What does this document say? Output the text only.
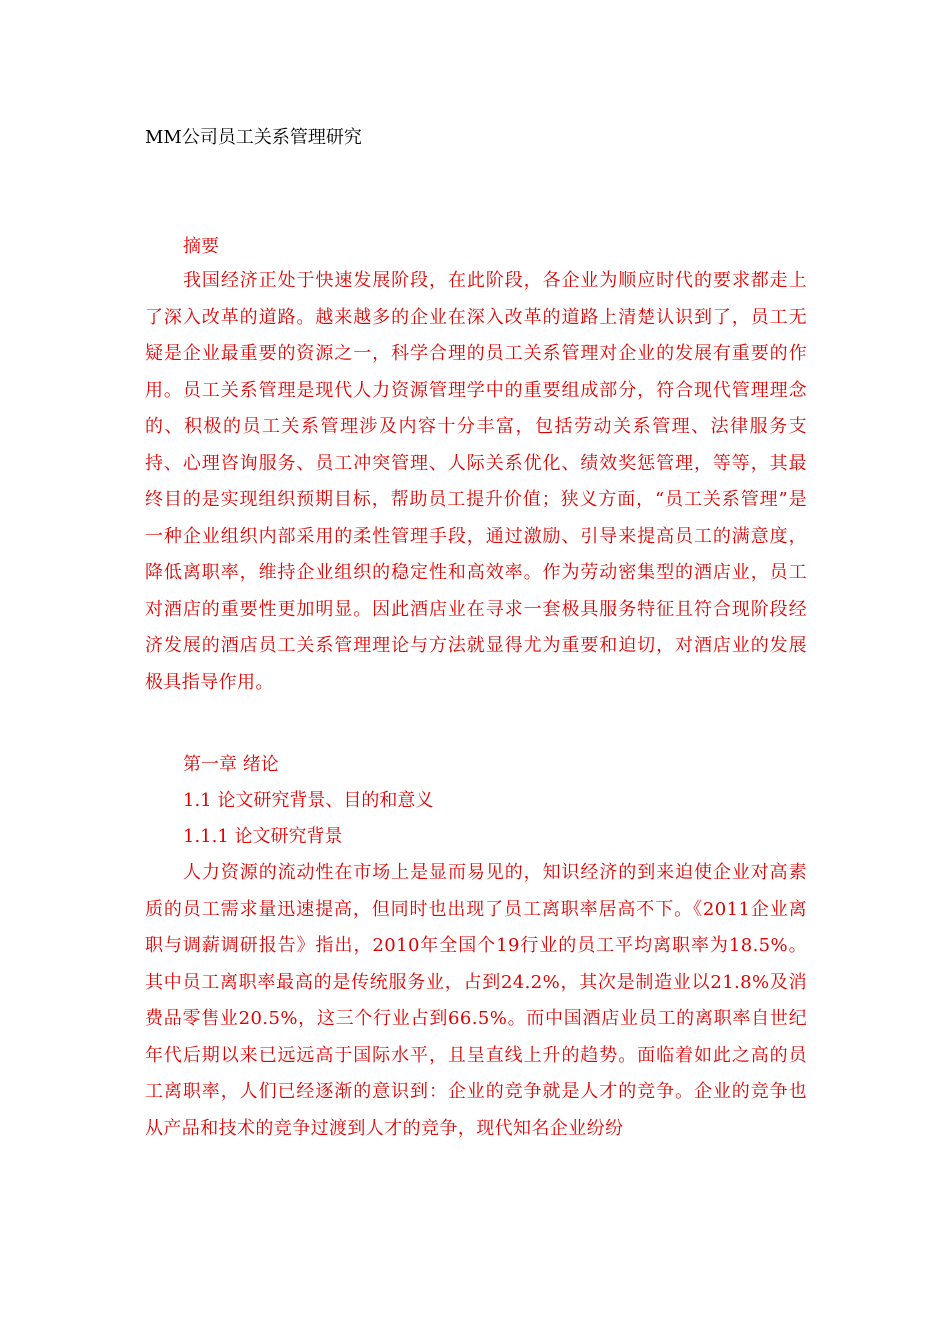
MM公司员工关系管理研究
摘要

我国经济正处于快速发展阶段，在此阶段，各企业为顺应时代的要求都走上了深入改革的道路。越来越多的企业在深入改革的道路上清楚认识到了，员工无疑是企业最重要的资源之一，科学合理的员工关系管理对企业的发展有重要的作用。员工关系管理是现代人力资源管理学中的重要组成部分，符合现代管理理念的、积极的员工关系管理涉及内容十分丰富，包括劳动关系管理、法律服务支持、心理咨询服务、员工冲突管理、人际关系优化、绩效奖惩管理，等等，其最终目的是实现组织预期目标，帮助员工提升价值；狭义方面，“员工关系管理”是一种企业组织内部采用的柔性管理手段，通过激励、引导来提高员工的满意度，降低离职率，维持企业组织的稳定性和高效率。作为劳动密集型的酒店业，员工对酒店的重要性更加明显。因此酒店业在寻求一套极具服务特征且符合现阶段经济发展的酒店员工关系管理理论与方法就显得尤为重要和迫切，对酒店业的发展极具指导作用。

第一章 绪论
1.1 论文研究背景、目的和意义
1.1.1 论文研究背景

人力资源的流动性在市场上是显而易见的，知识经济的到来迫使企业对高素质的员工需求量迅速提高，但同时也出现了员工离职率居高不下。《2011企业离职与调薪调研报告》指出，2010年全国个19行业的员工平均离职率为18.5%。其中员工离职率最高的是传统服务业，占到24.2%，其次是制造业以21.8%及消费品零售业20.5%，这三个行业占到66.5%。而中国酒店业员工的离职率自世纪年代后期以来已远远高于国际水平，且呈直线上升的趋势。面临着如此之高的员工离职率，人们已经逐渐的意识到：企业的竞争就是人才的竞争。企业的竞争也从产品和技术的竞争过渡到人才的竞争，现代知名企业纷纷
